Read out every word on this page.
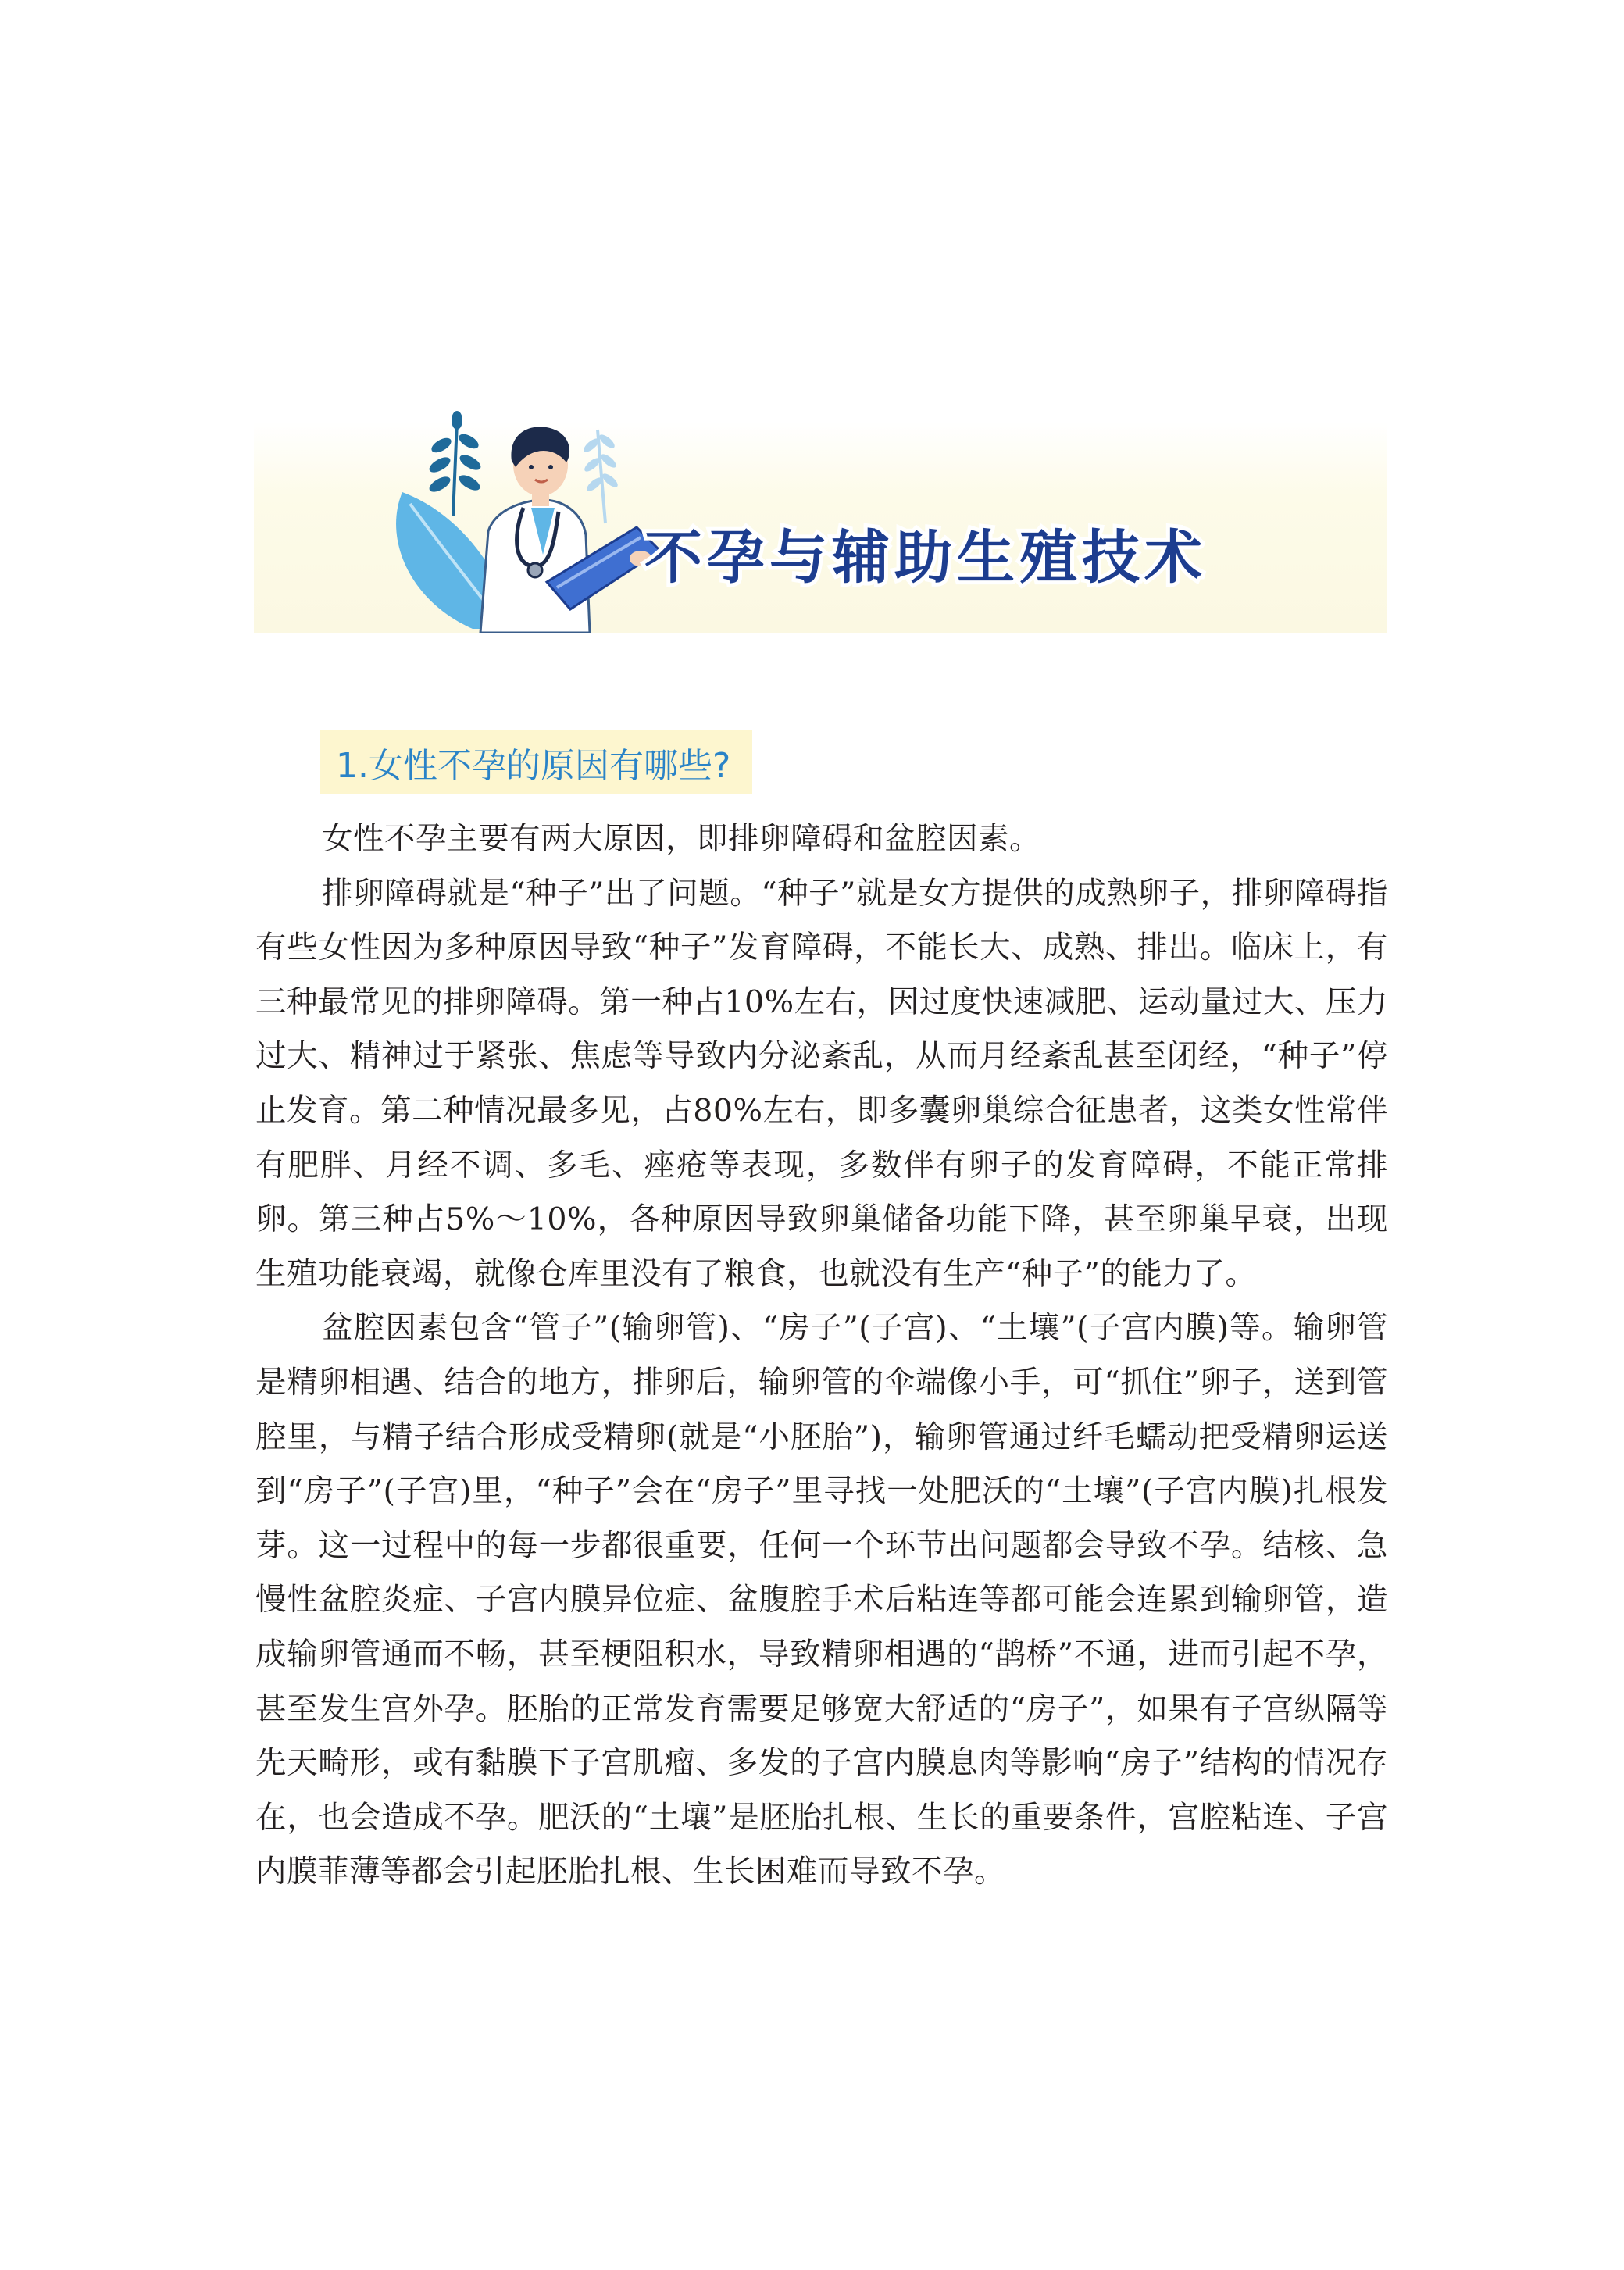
不孕与辅助生殖技术
1.女性不孕的原因有哪些?

女性不孕主要有两大原因，即排卵障碍和盆腔因素。

排卵障碍就是“种子”出了问题。“种子”就是女方提供的成熟卵子，排卵障碍指有些女性因为多种原因导致“种子”发育障碍，不能长大、成熟、排出。临床上，有三种最常见的排卵障碍。第一种占10%左右，因过度快速减肥、运动量过大、压力过大、精神过于紧张、焦虑等导致内分泌紊乱，从而月经紊乱甚至闭经，“种子”停止发育。第二种情况最多见，占80%左右，即多囊卵巢综合征患者，这类女性常伴有肥胖、月经不调、多毛、痤疮等表现，多数伴有卵子的发育障碍，不能正常排卵。第三种占5%～10%，各种原因导致卵巢储备功能下降，甚至卵巢早衰，出现生殖功能衰竭，就像仓库里没有了粮食，也就没有生产“种子”的能力了。

盆腔因素包含“管子”(输卵管)、“房子”(子宫)、“土壤”(子宫内膜)等。输卵管是精卵相遇、结合的地方，排卵后，输卵管的伞端像小手，可“抓住”卵子，送到管腔里，与精子结合形成受精卵(就是“小胚胎”)，输卵管通过纤毛蠕动把受精卵运送到“房子”(子宫)里，“种子”会在“房子”里寻找一处肥沃的“土壤”(子宫内膜)扎根发芽。这一过程中的每一步都很重要，任何一个环节出问题都会导致不孕。结核、急慢性盆腔炎症、子宫内膜异位症、盆腹腔手术后粘连等都可能会连累到输卵管，造成输卵管通而不畅，甚至梗阻积水，导致精卵相遇的“鹊桥”不通，进而引起不孕，甚至发生宫外孕。胚胎的正常发育需要足够宽大舒适的“房子”，如果有子宫纵隔等先天畸形，或有黏膜下子宫肌瘤、多发的子宫内膜息肉等影响“房子”结构的情况存在，也会造成不孕。肥沃的“土壤”是胚胎扎根、生长的重要条件，宫腔粘连、子宫内膜菲薄等都会引起胚胎扎根、生长困难而导致不孕。
